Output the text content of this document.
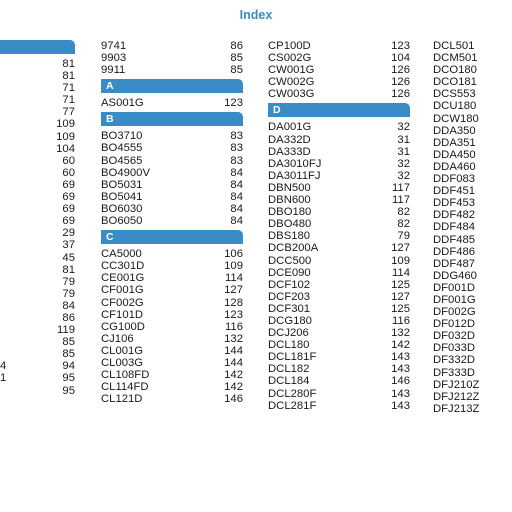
Index
81
81
71
71
77
109
109
104
60
60
69
69
69
69
29
37
45
81
79
79
84
86
119
85
85
4	94
1	95
95
9741	86
9903	85
9911	85
A
AS001G	123
B
BO3710	83
BO4555	83
BO4565	83
BO4900V	84
BO5031	84
BO5041	84
BO6030	84
BO6050	84
C
CA5000	106
CC301D	109
CE001G	114
CF001G	127
CF002G	128
CF101D	123
CG100D	116
CJ106	132
CL001G	144
CL003G	144
CL108FD	142
CL114FD	142
CL121D	146
CP100D	123
CS002G	104
CW001G	126
CW002G	126
CW003G	126
D
DA001G	32
DA332D	31
DA333D	31
DA3010FJ	32
DA3011FJ	32
DBN500	117
DBN600	117
DBO180	82
DBO480	82
DBS180	79
DCB200A	127
DCC500	109
DCE090	114
DCF102	125
DCF203	127
DCF301	125
DCG180	116
DCJ206	132
DCL180	142
DCL181F	143
DCL182	143
DCL184	146
DCL280F	143
DCL281F	143
DCL501
DCM501
DCO180
DCO181
DCS553
DCU180
DCW180
DDA350
DDA351
DDA450
DDA460
DDF083
DDF451
DDF453
DDF482
DDF484
DDF485
DDF486
DDF487
DDG460
DF001D
DF001G
DF002G
DF012D
DF032D
DF033D
DF332D
DF333D
DFJ210Z
DFJ212Z
DFJ213Z
